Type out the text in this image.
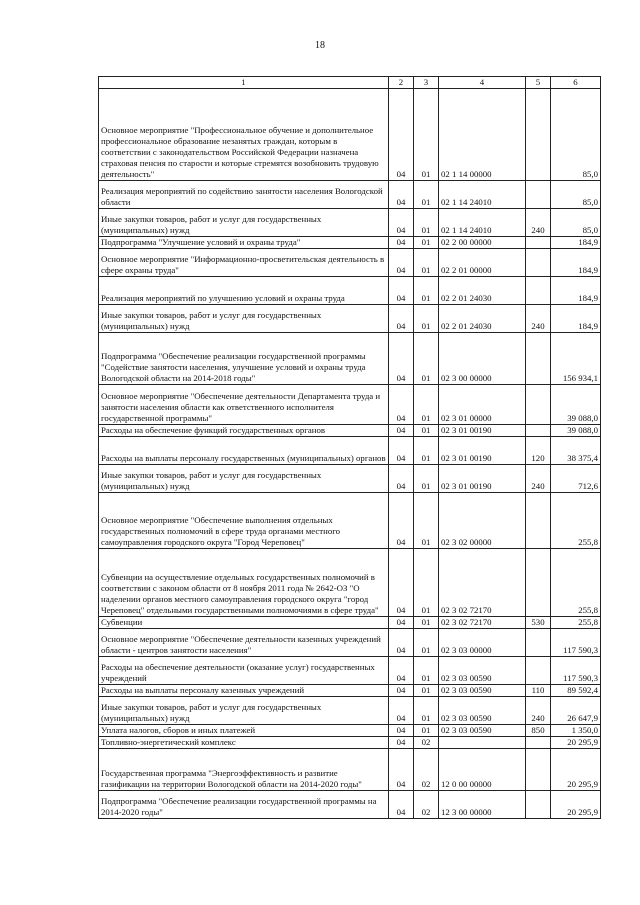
18
1	2	3	4	5	6
Основное мероприятие "Профессиональное обучение и дополнительное профессиональное образование незанятых граждан, которым в соответствии с законодательством Российской Федерации назначена страховая пенсия по старости и которые стремятся возобновить трудовую деятельность"	04	01	02 1 14 00000		85,0
Реализация мероприятий по содействию занятости населения Вологодской области	04	01	02 1 14 24010		85,0
Иные закупки товаров, работ и услуг для государственных (муниципальных) нужд	04	01	02 1 14 24010	240	85,0
Подпрограмма "Улучшение условий и охраны труда"	04	01	02 2 00 00000		184,9
Основное мероприятие "Информационно-просветительская деятельность в сфере охраны труда"	04	01	02 2 01 00000		184,9
Реализация мероприятий по улучшению условий и охраны труда	04	01	02 2 01 24030		184,9
Иные закупки товаров, работ и услуг для государственных (муниципальных) нужд	04	01	02 2 01 24030	240	184,9
Подпрограмма "Обеспечение реализации государственной программы "Содействие занятости населения, улучшение условий и охраны труда Вологодской области на 2014-2018 годы"	04	01	02 3 00 00000		156 934,1
Основное мероприятие "Обеспечение деятельности Департамента труда и занятости населения области как ответственного исполнителя государственной программы"	04	01	02 3 01 00000		39 088,0
Расходы на обеспечение функций государственных органов	04	01	02 3 01 00190		39 088,0
Расходы на выплаты персоналу государственных (муниципальных) органов	04	01	02 3 01 00190	120	38 375,4
Иные закупки товаров, работ и услуг для государственных (муниципальных) нужд	04	01	02 3 01 00190	240	712,6
Основное мероприятие "Обеспечение выполнения отдельных государственных полномочий в сфере труда органами местного самоуправления городского округа "Город Череповец"	04	01	02 3 02 00000		255,8
Субвенции на осуществление отдельных государственных полномочий в соответствии с законом области от 8 ноября 2011 года № 2642-ОЗ "О наделении органов местного самоуправления городского округа "город Череповец" отдельными государственными полномочиями в сфере труда"	04	01	02 3 02 72170		255,8
Субвенции	04	01	02 3 02 72170	530	255,8
Основное мероприятие "Обеспечение деятельности казенных учреждений области - центров занятости населения"	04	01	02 3 03 00000		117 590,3
Расходы на обеспечение деятельности (оказание услуг) государственных учреждений	04	01	02 3 03 00590		117 590,3
Расходы на выплаты персоналу казенных учреждений	04	01	02 3 03 00590	110	89 592,4
Иные закупки товаров, работ и услуг для государственных (муниципальных) нужд	04	01	02 3 03 00590	240	26 647,9
Уплата налогов, сборов и иных платежей	04	01	02 3 03 00590	850	1 350,0
Топливно-энергетический комплекс	04	02			20 295,9
Государственная программа "Энергоэффективность и развитие газификации на территории Вологодской области на 2014-2020 годы"	04	02	12 0 00 00000		20 295,9
Подпрограмма "Обеспечение реализации государственной программы на 2014-2020 годы"	04	02	12 3 00 00000		20 295,9
